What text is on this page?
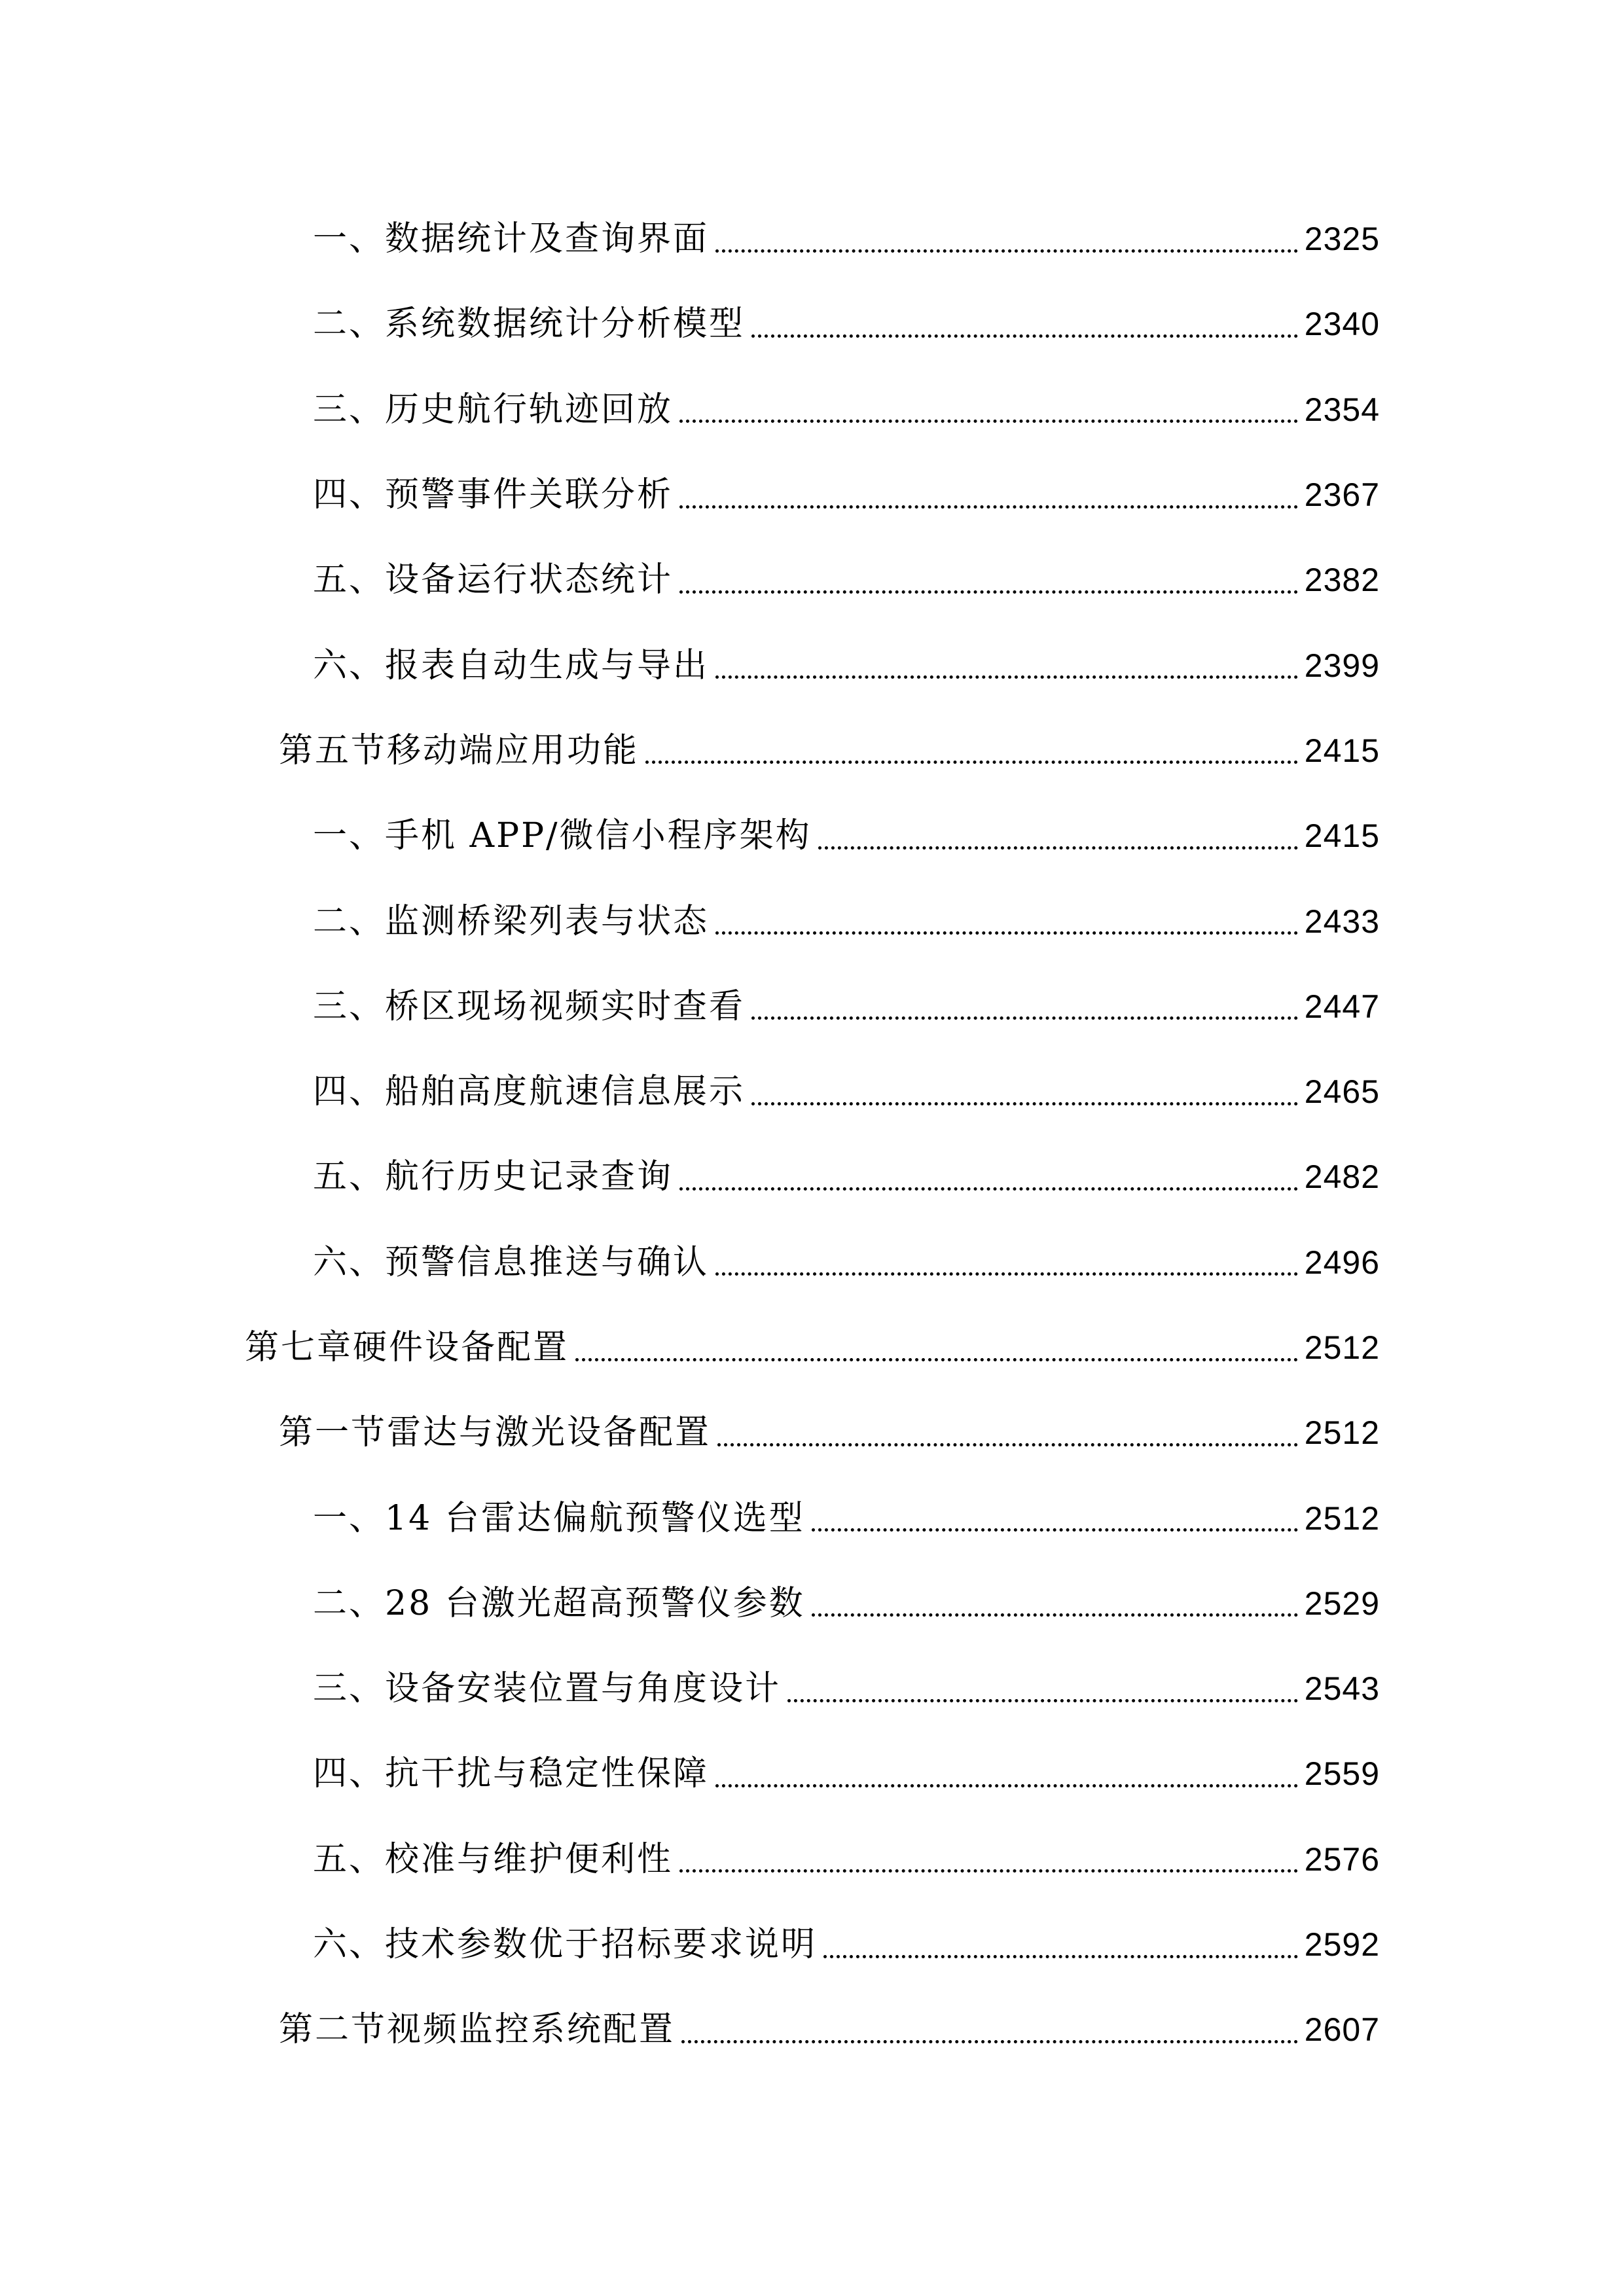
一、数据统计及查询界面	2325
二、系统数据统计分析模型	2340
三、历史航行轨迹回放	2354
四、预警事件关联分析	2367
五、设备运行状态统计	2382
六、报表自动生成与导出	2399
第五节移动端应用功能	2415
一、手机 APP/微信小程序架构	2415
二、监测桥梁列表与状态	2433
三、桥区现场视频实时查看	2447
四、船舶高度航速信息展示	2465
五、航行历史记录查询	2482
六、预警信息推送与确认	2496
第七章硬件设备配置	2512
第一节雷达与激光设备配置	2512
一、14 台雷达偏航预警仪选型	2512
二、28 台激光超高预警仪参数	2529
三、设备安装位置与角度设计	2543
四、抗干扰与稳定性保障	2559
五、校准与维护便利性	2576
六、技术参数优于招标要求说明	2592
第二节视频监控系统配置	2607
